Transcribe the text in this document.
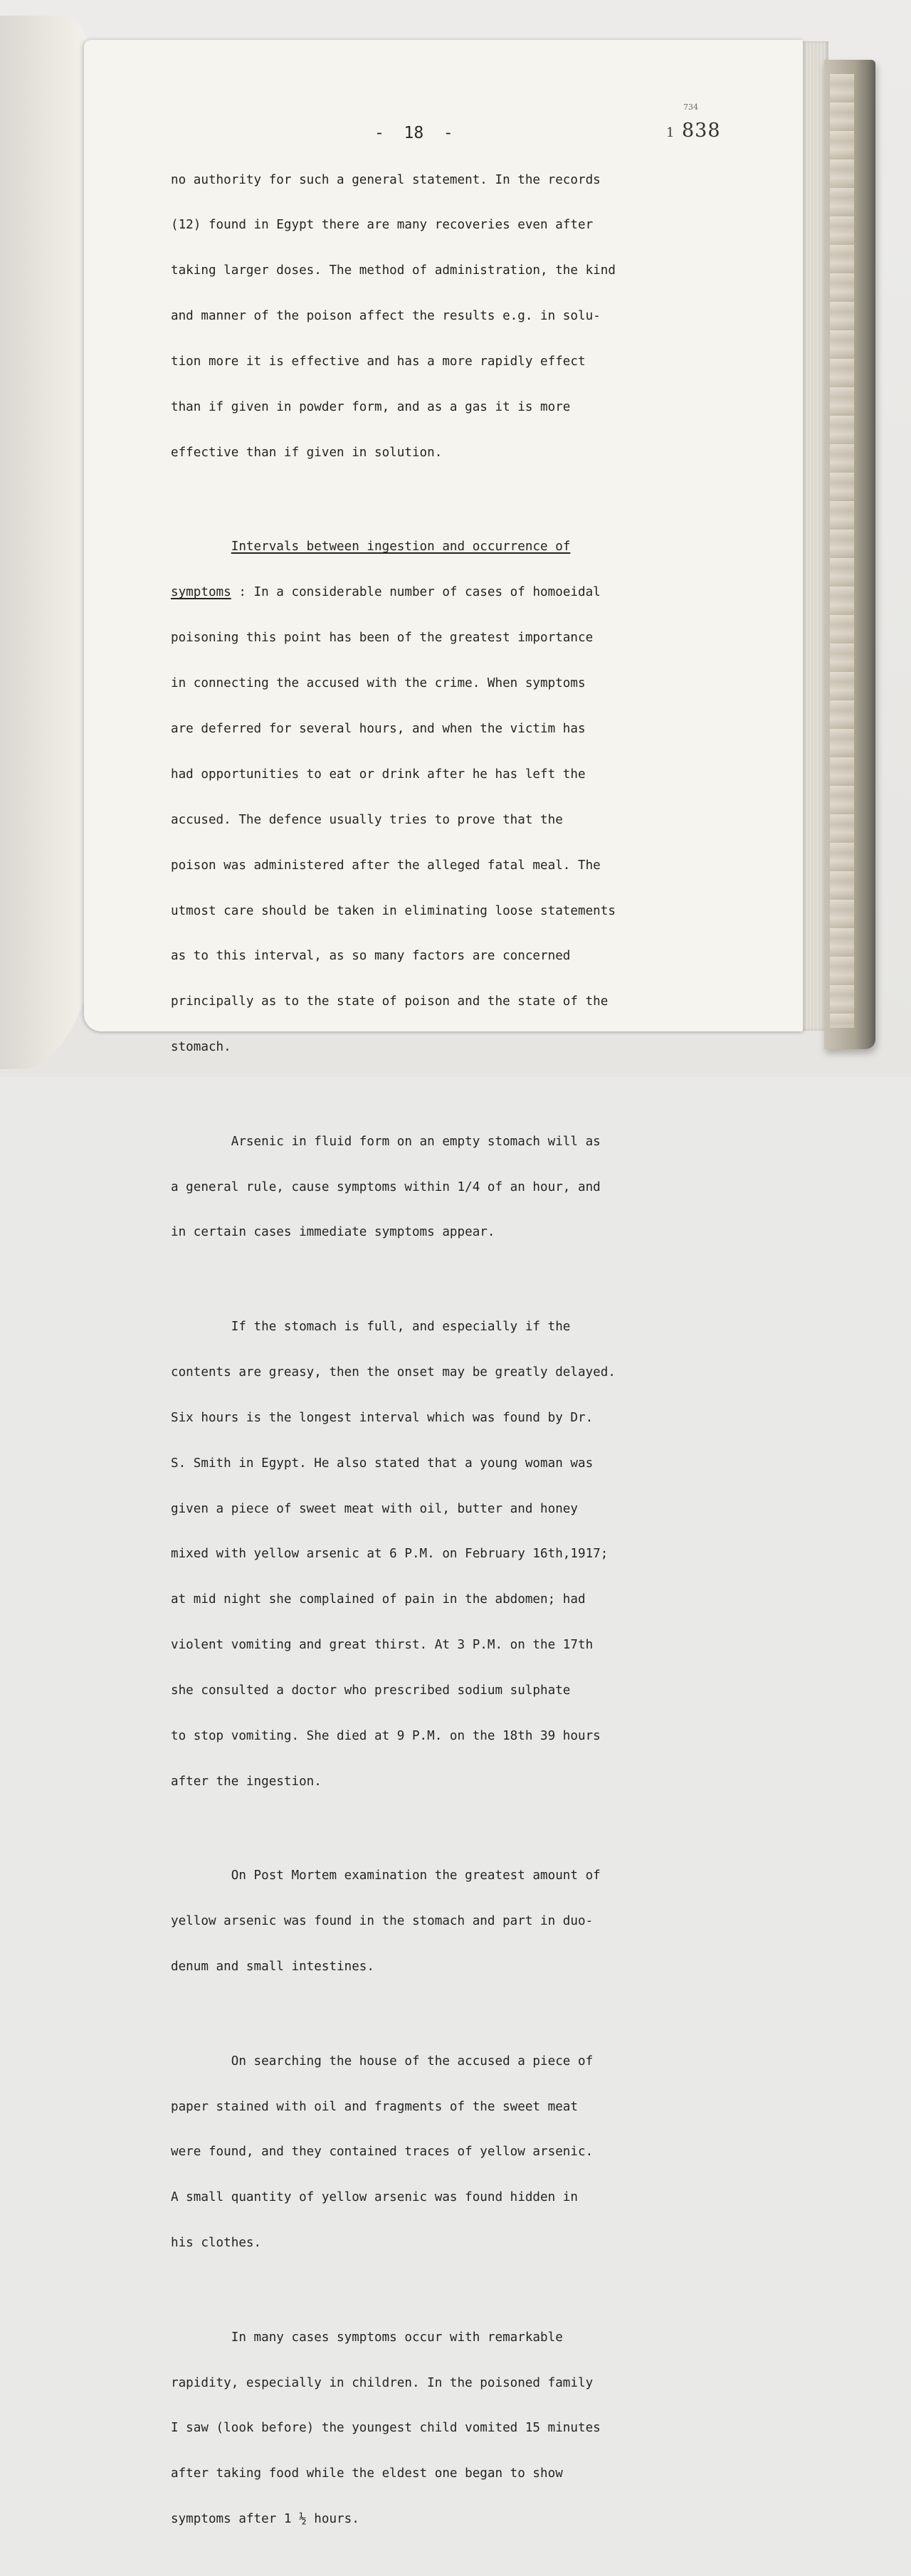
-  18  -
734
1 838

no authority for such a general statement. In the records

(12) found in Egypt there are many recoveries even after

taking larger doses. The method of administration, the kind

and manner of the poison affect the results e.g. in solu-

tion more it is effective and has a more rapidly effect

than if given in powder form, and as a gas it is more

effective than if given in solution.

Intervals between ingestion and occurrence of

symptoms : In a considerable number of cases of homoeidal

poisoning this point has been of the greatest importance

in connecting the accused with the crime. When symptoms

are deferred for several hours, and when the victim has

had opportunities to eat or drink after he has left the

accused. The defence usually tries to prove that the

poison was administered after the alleged fatal meal. The

utmost care should be taken in eliminating loose statements

as to this interval, as so many factors are concerned

principally as to the state of poison and the state of the

stomach.

Arsenic in fluid form on an empty stomach will as

a general rule, cause symptoms within 1/4 of an hour, and

in certain cases immediate symptoms appear.

If the stomach is full, and especially if the

contents are greasy, then the onset may be greatly delayed.

Six hours is the longest interval which was found by Dr.

S. Smith in Egypt. He also stated that a young woman was

given a piece of sweet meat with oil, butter and honey

mixed with yellow arsenic at 6 P.M. on February 16th,1917;

at mid night she complained of pain in the abdomen; had

violent vomiting and great thirst. At 3 P.M. on the 17th

she consulted a doctor who prescribed sodium sulphate

to stop vomiting. She died at 9 P.M. on the 18th 39 hours

after the ingestion.

On Post Mortem examination the greatest amount of

yellow arsenic was found in the stomach and part in duo-

denum and small intestines.

On searching the house of the accused a piece of

paper stained with oil and fragments of the sweet meat

were found, and they contained traces of yellow arsenic.

A small quantity of yellow arsenic was found hidden in

his clothes.

In many cases symptoms occur with remarkable

rapidity, especially in children. In the poisoned family

I saw (look before) the youngest child vomited 15 minutes

after taking food while the eldest one began to show

symptoms after 1 ½ hours.
